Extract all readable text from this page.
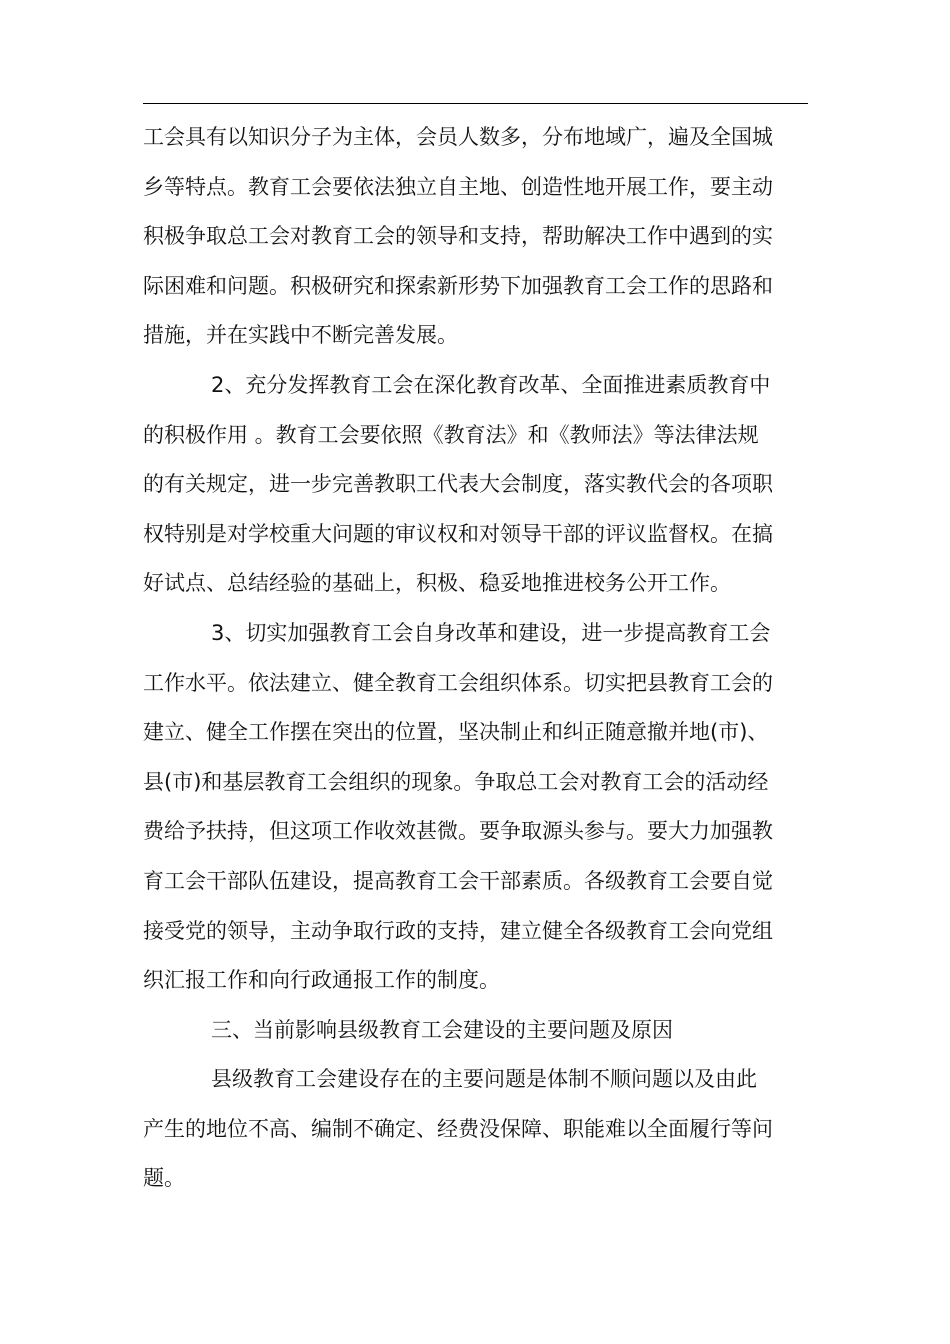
工会具有以知识分子为主体，会员人数多，分布地域广，遍及全国城
乡等特点。教育工会要依法独立自主地、创造性地开展工作，要主动
积极争取总工会对教育工会的领导和支持，帮助解决工作中遇到的实
际困难和问题。积极研究和探索新形势下加强教育工会工作的思路和
措施，并在实践中不断完善发展。
2、充分发挥教育工会在深化教育改革、全面推进素质教育中
的积极作用 。教育工会要依照《教育法》和《教师法》等法律法规
的有关规定，进一步完善教职工代表大会制度，落实教代会的各项职
权特别是对学校重大问题的审议权和对领导干部的评议监督权。在搞
好试点、总结经验的基础上，积极、稳妥地推进校务公开工作。
3、切实加强教育工会自身改革和建设，进一步提高教育工会
工作水平。依法建立、健全教育工会组织体系。切实把县教育工会的
建立、健全工作摆在突出的位置，坚决制止和纠正随意撤并地(市)、
县(市)和基层教育工会组织的现象。争取总工会对教育工会的活动经
费给予扶持，但这项工作收效甚微。要争取源头参与。要大力加强教
育工会干部队伍建设，提高教育工会干部素质。各级教育工会要自觉
接受党的领导，主动争取行政的支持，建立健全各级教育工会向党组
织汇报工作和向行政通报工作的制度。
三、当前影响县级教育工会建设的主要问题及原因
县级教育工会建设存在的主要问题是体制不顺问题以及由此
产生的地位不高、编制不确定、经费没保障、职能难以全面履行等问
题。
